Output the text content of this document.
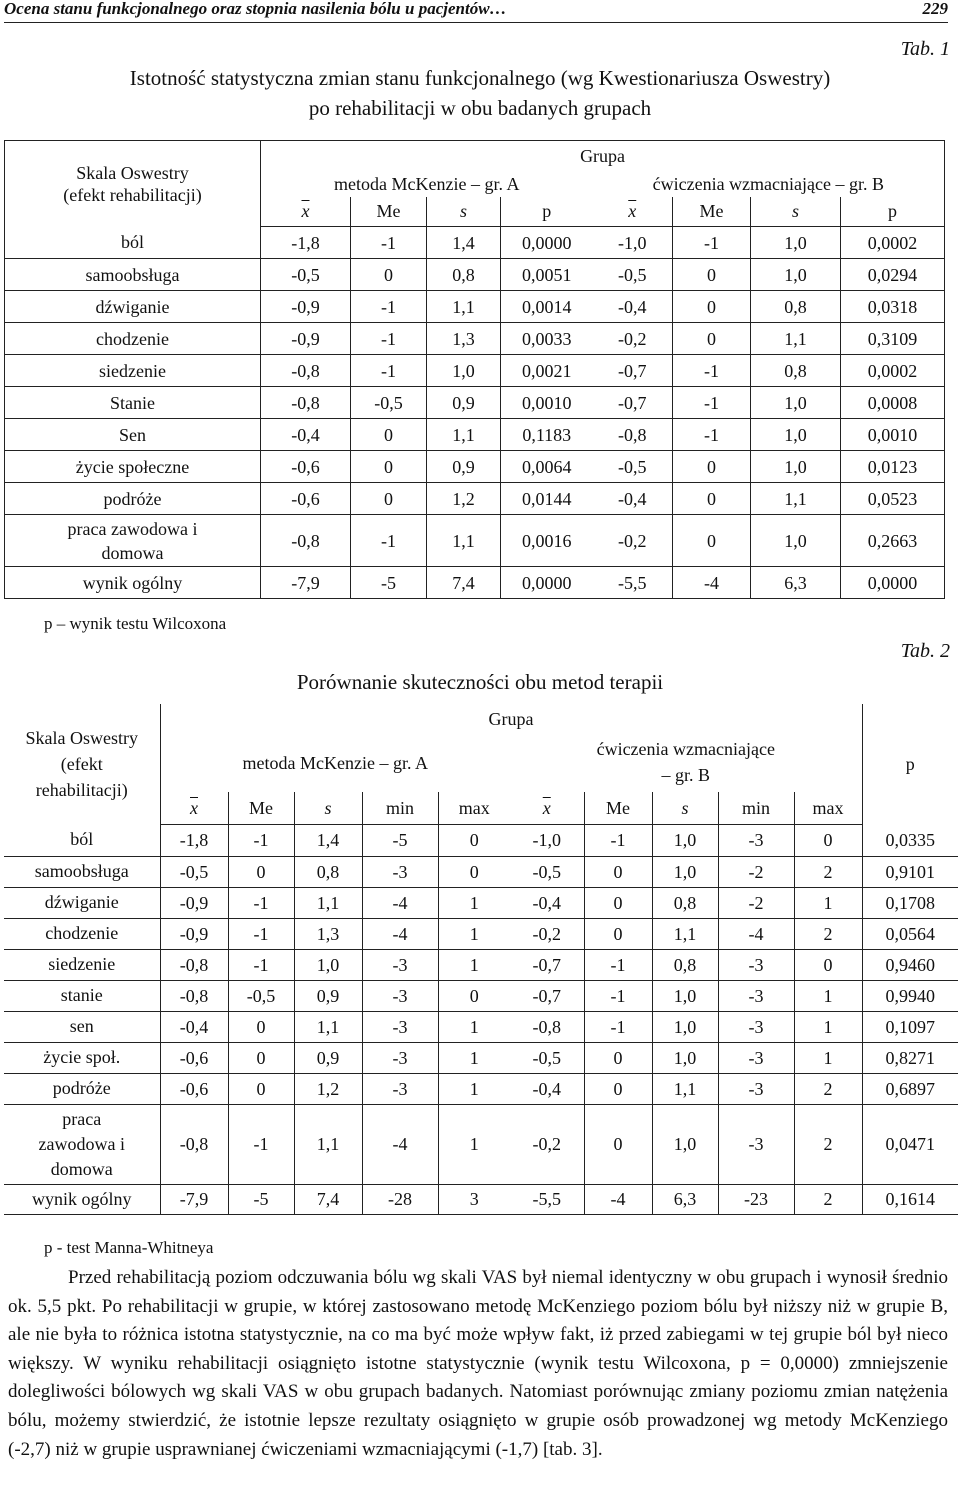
Ocena stanu funkcjonalnego oraz stopnia nasilenia bólu u pacjentów…	229
Tab. 1
Istotność statystyczna zmian stanu funkcjonalnego (wg Kwestionariusza Oswestry)
po rehabilitacji w obu badanych grupach
Skala Oswestry
(efekt rehabilitacji)	Grupa							
	metoda McKenzie – gr. A				ćwiczenia wzmacniające – gr. B			
	$\overline{x}$	Me	s	p	$\overline{x}$	Me	s	p
ból	-1,8	-1	1,4	0,0000	-1,0	-1	1,0	0,0002
samoobsługa	-0,5	0	0,8	0,0051	-0,5	0	1,0	0,0294
dźwiganie	-0,9	-1	1,1	0,0014	-0,4	0	0,8	0,0318
chodzenie	-0,9	-1	1,3	0,0033	-0,2	0	1,1	0,3109
siedzenie	-0,8	-1	1,0	0,0021	-0,7	-1	0,8	0,0002
Stanie	-0,8	-0,5	0,9	0,0010	-0,7	-1	1,0	0,0008
Sen	-0,4	0	1,1	0,1183	-0,8	-1	1,0	0,0010
życie społeczne	-0,6	0	0,9	0,0064	-0,5	0	1,0	0,0123
podróże	-0,6	0	1,2	0,0144	-0,4	0	1,1	0,0523
praca zawodowa i
domowa	-0,8	-1	1,1	0,0016	-0,2	0	1,0	0,2663
wynik ogólny	-7,9	-5	7,4	0,0000	-5,5	-4	6,3	0,0000
p – wynik testu Wilcoxona
Tab. 2
Porównanie skuteczności obu metod terapii
Skala Oswestry
(efekt
rehabilitacji)	Grupa										p
	metoda McKenzie – gr. A					ćwiczenia wzmacniające
– gr. B					
	$\overline{x}$	Me	s	min	max	$\overline{x}$	Me	s	min	max	
ból	-1,8	-1	1,4	-5	0	-1,0	-1	1,0	-3	0	0,0335
samoobsługa	-0,5	0	0,8	-3	0	-0,5	0	1,0	-2	2	0,9101
dźwiganie	-0,9	-1	1,1	-4	1	-0,4	0	0,8	-2	1	0,1708
chodzenie	-0,9	-1	1,3	-4	1	-0,2	0	1,1	-4	2	0,0564
siedzenie	-0,8	-1	1,0	-3	1	-0,7	-1	0,8	-3	0	0,9460
stanie	-0,8	-0,5	0,9	-3	0	-0,7	-1	1,0	-3	1	0,9940
sen	-0,4	0	1,1	-3	1	-0,8	-1	1,0	-3	1	0,1097
życie społ.	-0,6	0	0,9	-3	1	-0,5	0	1,0	-3	1	0,8271
podróże	-0,6	0	1,2	-3	1	-0,4	0	1,1	-3	2	0,6897
praca
zawodowa i
domowa	-0,8	-1	1,1	-4	1	-0,2	0	1,0	-3	2	0,0471
wynik ogólny	-7,9	-5	7,4	-28	3	-5,5	-4	6,3	-23	2	0,1614
p - test Manna-Whitneya
Przed rehabilitacją poziom odczuwania bólu wg skali VAS był niemal identyczny w obu grupach i wynosił średnio ok. 5,5 pkt. Po rehabilitacji w grupie, w której zastosowano metodę McKenziego poziom bólu był niższy niż w grupie B, ale nie była to różnica istotna statystycznie, na co ma być może wpływ fakt, iż przed zabiegami w tej grupie ból był nieco większy. W wyniku rehabilitacji osiągnięto istotne statystycznie (wynik testu Wilcoxona, p = 0,0000) zmniejszenie dolegliwości bólowych wg skali VAS w obu grupach badanych. Natomiast porównując zmiany poziomu zmian natężenia bólu, możemy stwierdzić, że istotnie lepsze rezultaty osiągnięto w grupie osób prowadzonej wg metody McKenziego (-2,7) niż w grupie usprawnianej ćwiczeniami wzmacniającymi (-1,7) [tab. 3].
